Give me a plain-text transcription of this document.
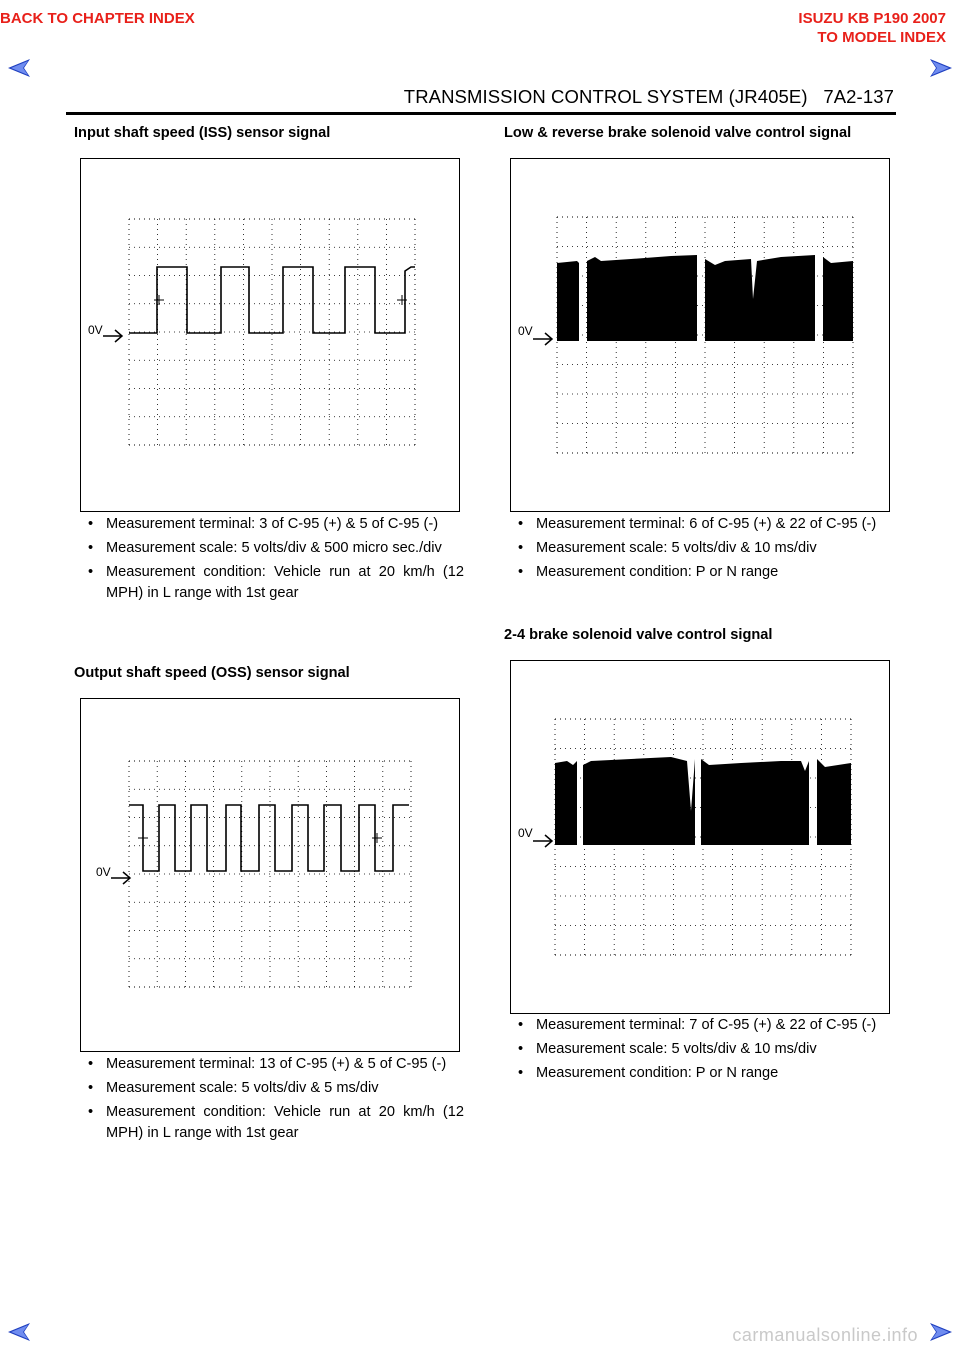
BACK TO CHAPTER INDEX	ISUZU KB P190 2007
TO MODEL INDEX
TRANSMISSION CONTROL SYSTEM (JR405E) 7A2-137
Input shaft speed (ISS) sensor signal
0V
• Measurement terminal: 3 of C-95 (+) & 5 of C-95 (-)
• Measurement scale: 5 volts/div & 500 micro sec./div
• Measurement condition: Vehicle run at 20 km/h (12 MPH) in L range with 1st gear
Output shaft speed (OSS) sensor signal
0V
• Measurement terminal: 13 of C-95 (+) & 5 of C-95 (-)
• Measurement scale: 5 volts/div & 5 ms/div
• Measurement condition: Vehicle run at 20 km/h (12 MPH) in L range with 1st gear
Low & reverse brake solenoid valve control signal
0V
• Measurement terminal: 6 of C-95 (+) & 22 of C-95 (-)
• Measurement scale: 5 volts/div & 10 ms/div
• Measurement condition: P or N range
2-4 brake solenoid valve control signal
0V
• Measurement terminal: 7 of C-95 (+) & 22 of C-95 (-)
• Measurement scale: 5 volts/div & 10 ms/div
• Measurement condition: P or N range
carmanualsonline.info
